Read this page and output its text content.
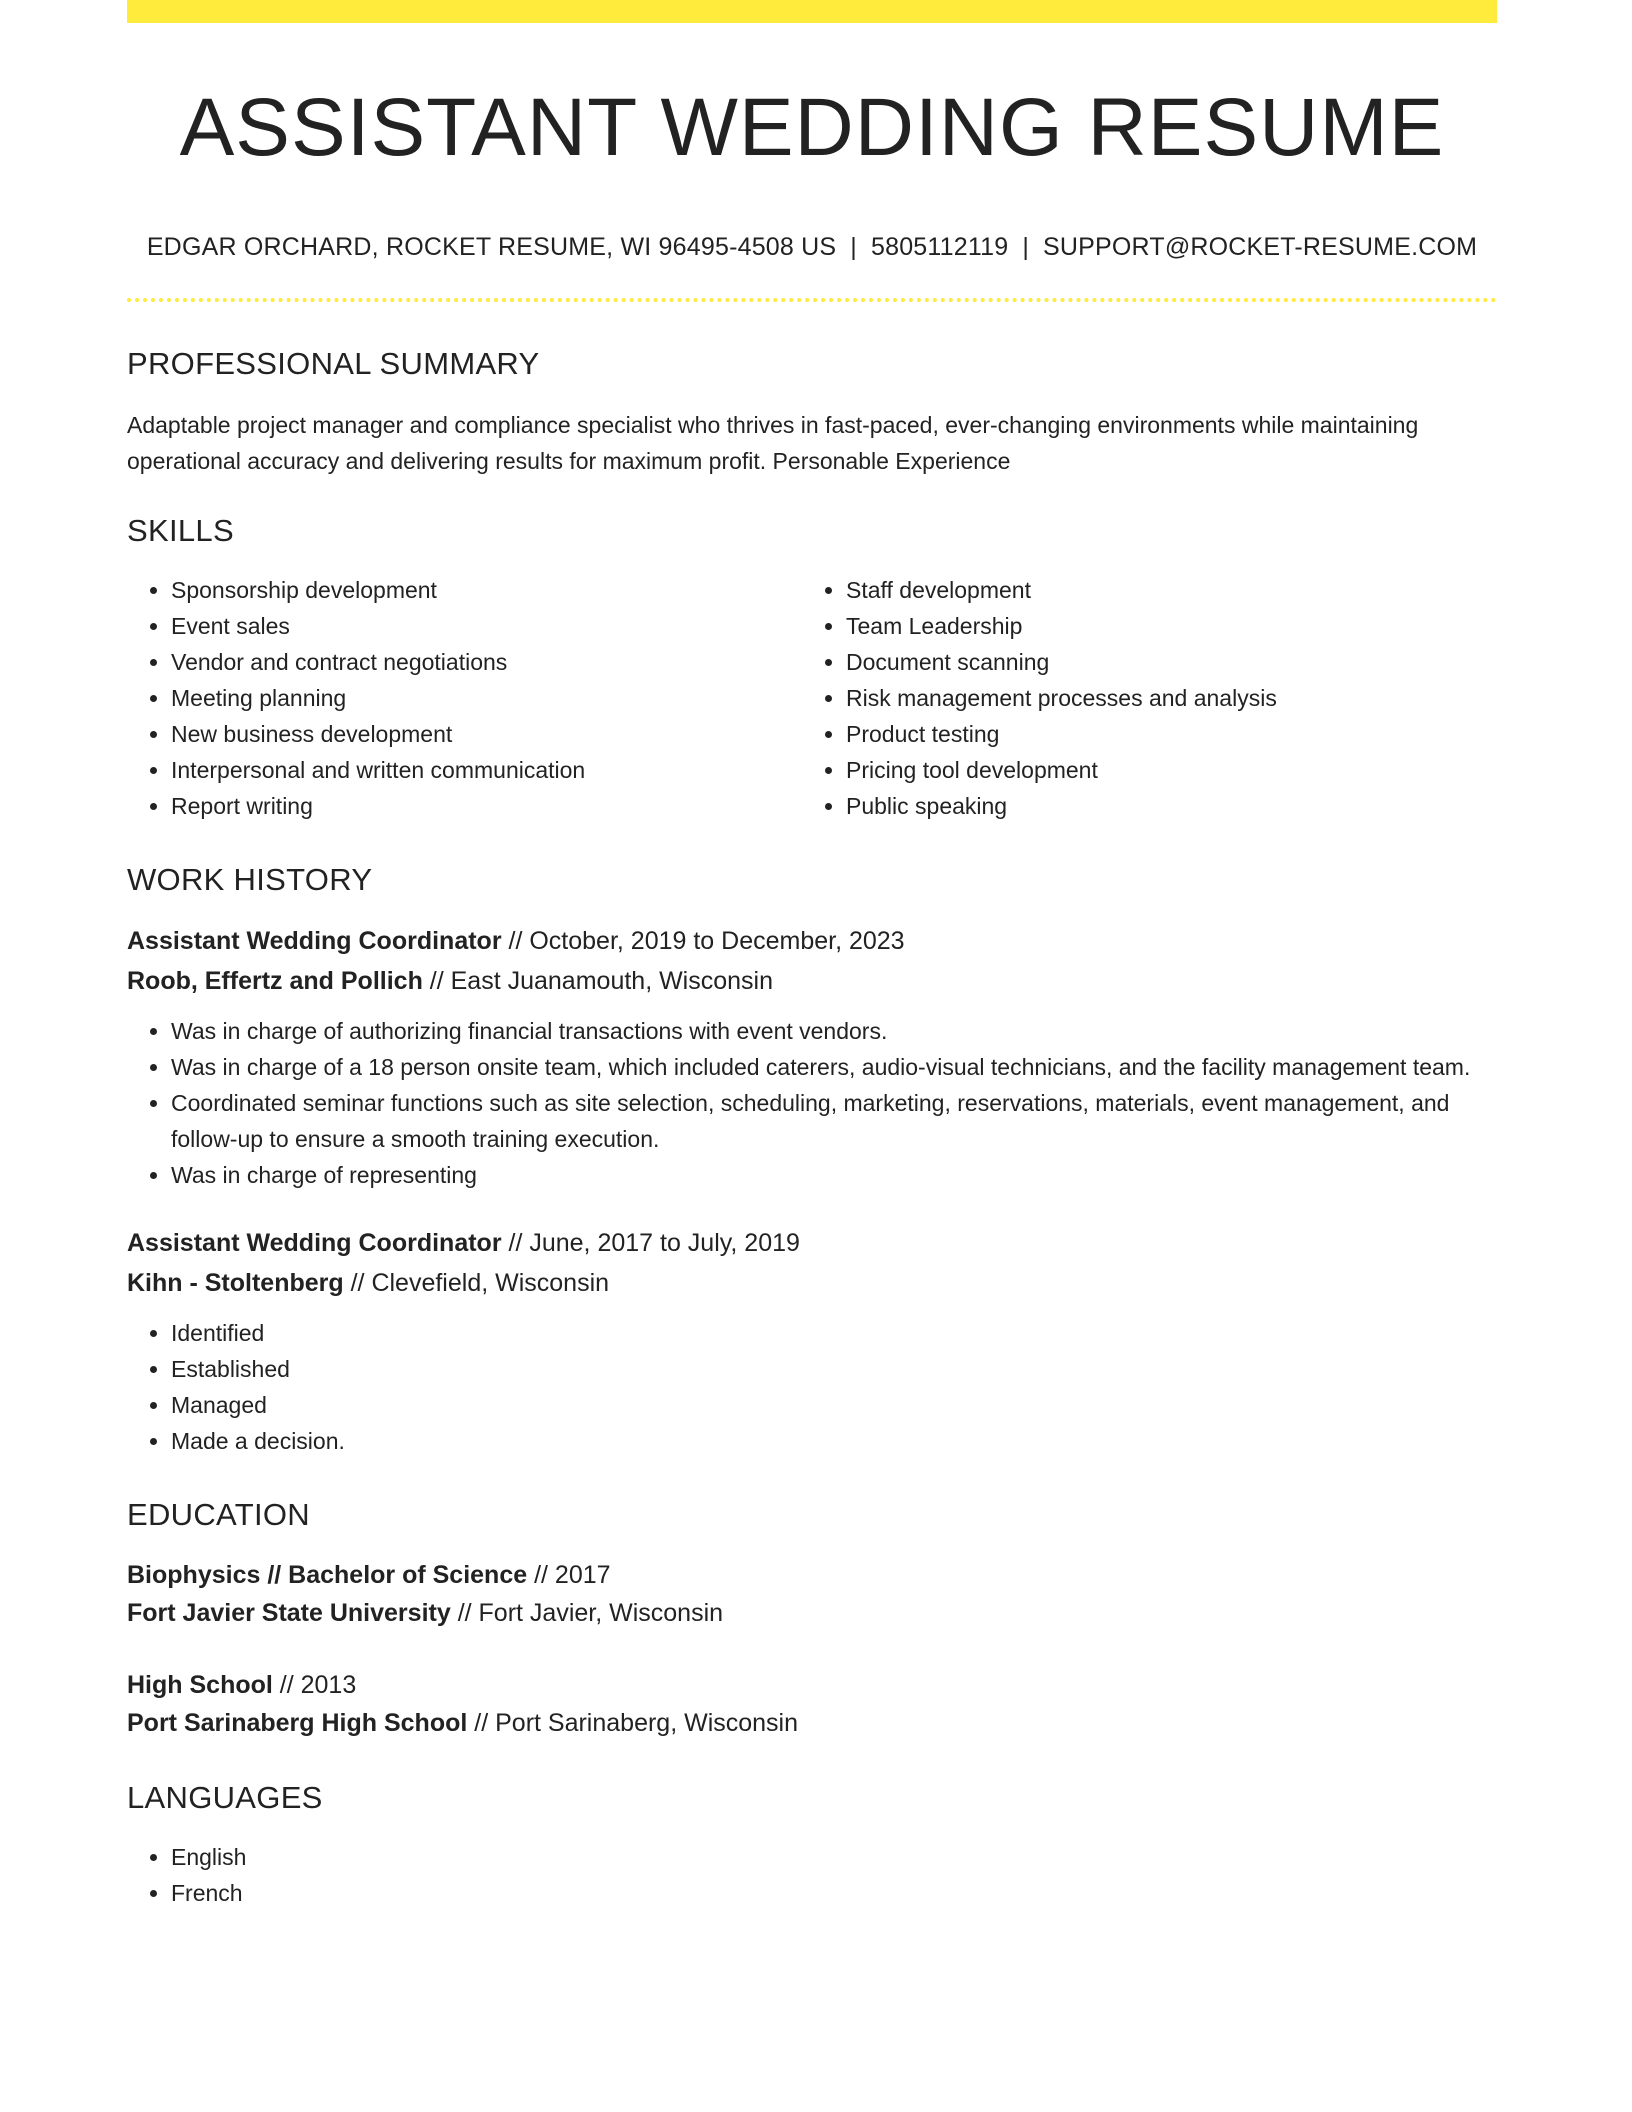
ASSISTANT WEDDING RESUME
EDGAR ORCHARD, ROCKET RESUME, WI 96495-4508 US | 5805112119 | SUPPORT@ROCKET-RESUME.COM
PROFESSIONAL SUMMARY

Adaptable project manager and compliance specialist who thrives in fast-paced, ever-changing environments while maintaining operational accuracy and delivering results for maximum profit. Personable Experience

SKILLS
• Sponsorship development
• Event sales
• Vendor and contract negotiations
• Meeting planning
• New business development
• Interpersonal and written communication
• Report writing
• Staff development
• Team Leadership
• Document scanning
• Risk management processes and analysis
• Product testing
• Pricing tool development
• Public speaking
WORK HISTORY
Assistant Wedding Coordinator // October, 2019 to December, 2023
Roob, Effertz and Pollich // East Juanamouth, Wisconsin
• Was in charge of authorizing financial transactions with event vendors.
• Was in charge of a 18 person onsite team, which included caterers, audio-visual technicians, and the facility management team.
• Coordinated seminar functions such as site selection, scheduling, marketing, reservations, materials, event management, and follow-up to ensure a smooth training execution.
• Was in charge of representing
Assistant Wedding Coordinator // June, 2017 to July, 2019
Kihn - Stoltenberg // Clevefield, Wisconsin
• Identified
• Established
• Managed
• Made a decision.
EDUCATION
Biophysics // Bachelor of Science // 2017
Fort Javier State University // Fort Javier, Wisconsin
High School // 2013
Port Sarinaberg High School // Port Sarinaberg, Wisconsin
LANGUAGES
• English
• French
